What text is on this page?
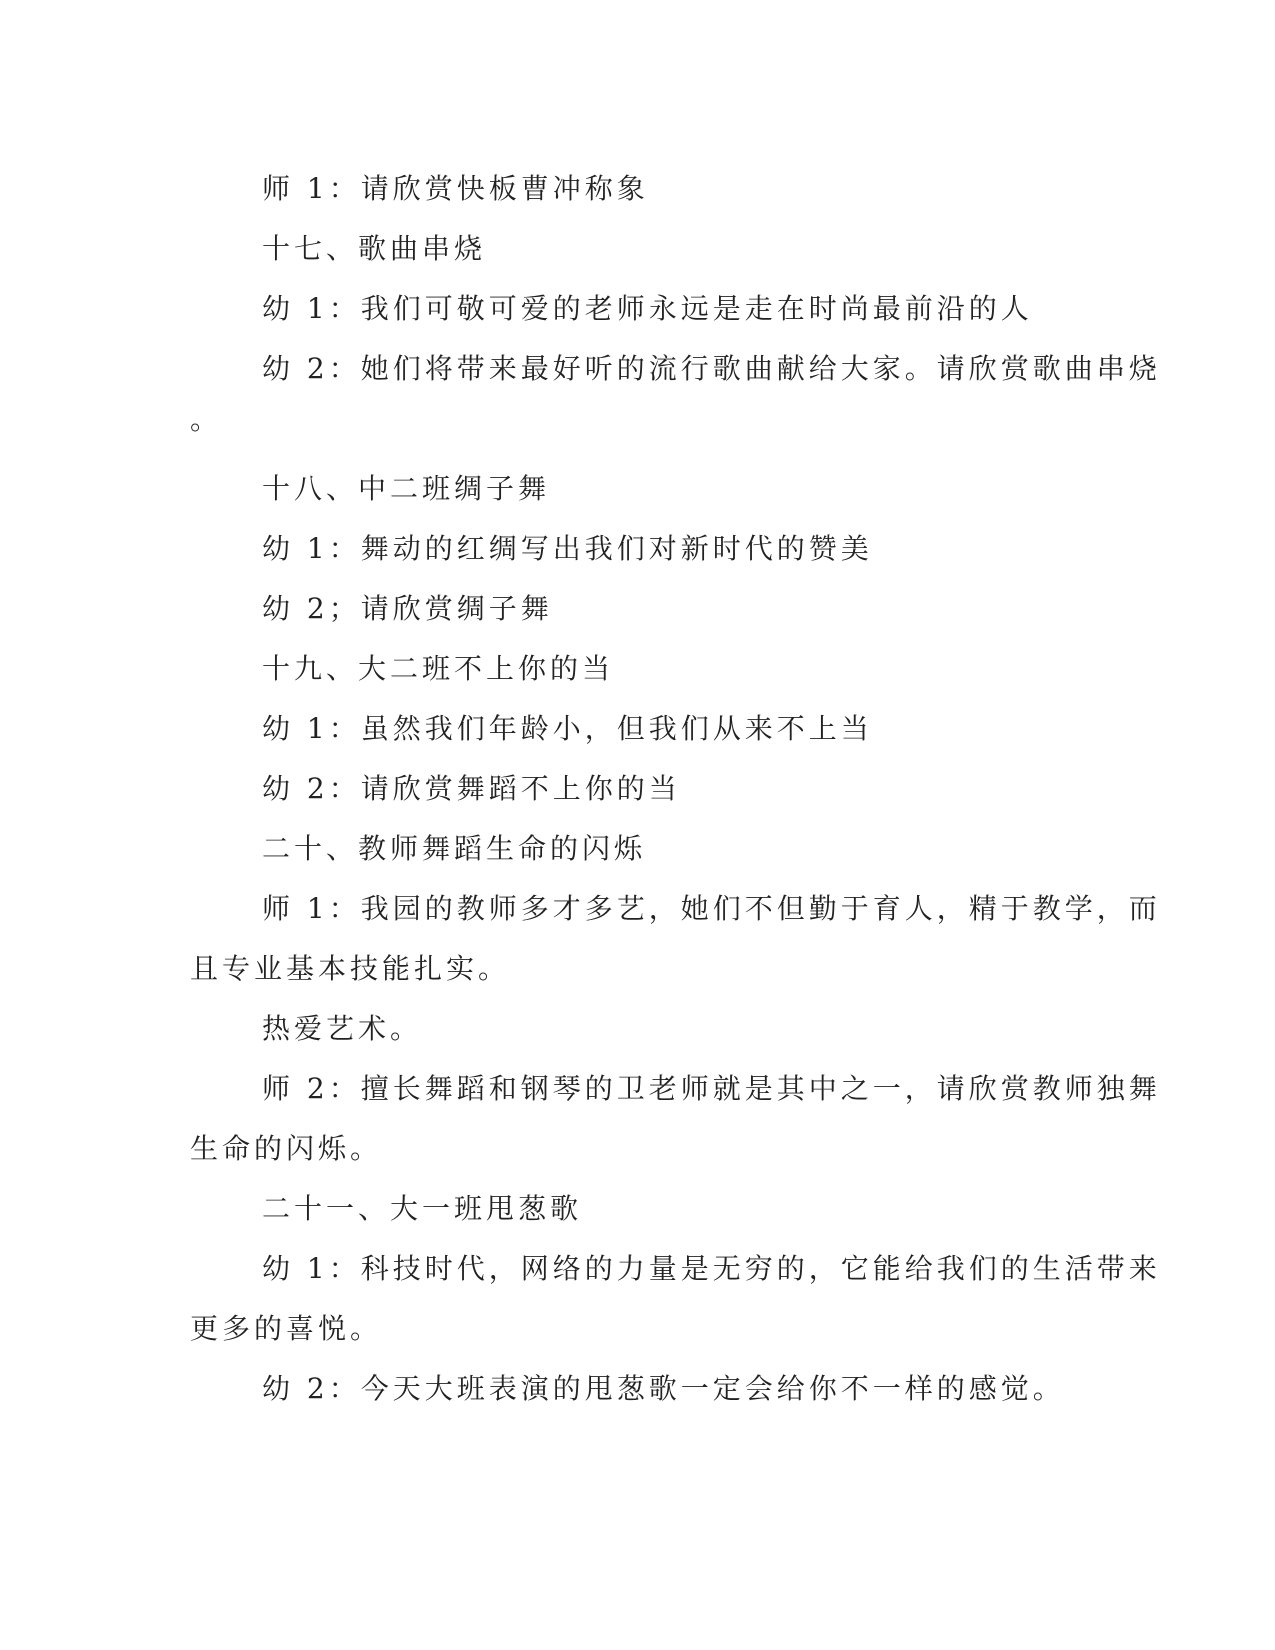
师 1：请欣赏快板曹冲称象

十七、歌曲串烧

幼 1：我们可敬可爱的老师永远是走在时尚最前沿的人

幼 2：她们将带来最好听的流行歌曲献给大家。请欣赏歌曲串烧

。

十八、中二班绸子舞

幼 1：舞动的红绸写出我们对新时代的赞美

幼 2；请欣赏绸子舞

十九、大二班不上你的当

幼 1：虽然我们年龄小，但我们从来不上当

幼 2：请欣赏舞蹈不上你的当

二十、教师舞蹈生命的闪烁

师 1：我园的教师多才多艺，她们不但勤于育人，精于教学，而

且专业基本技能扎实。

热爱艺术。

师 2：擅长舞蹈和钢琴的卫老师就是其中之一，请欣赏教师独舞

生命的闪烁。

二十一、大一班甩葱歌

幼 1：科技时代，网络的力量是无穷的，它能给我们的生活带来

更多的喜悦。

幼 2：今天大班表演的甩葱歌一定会给你不一样的感觉。
